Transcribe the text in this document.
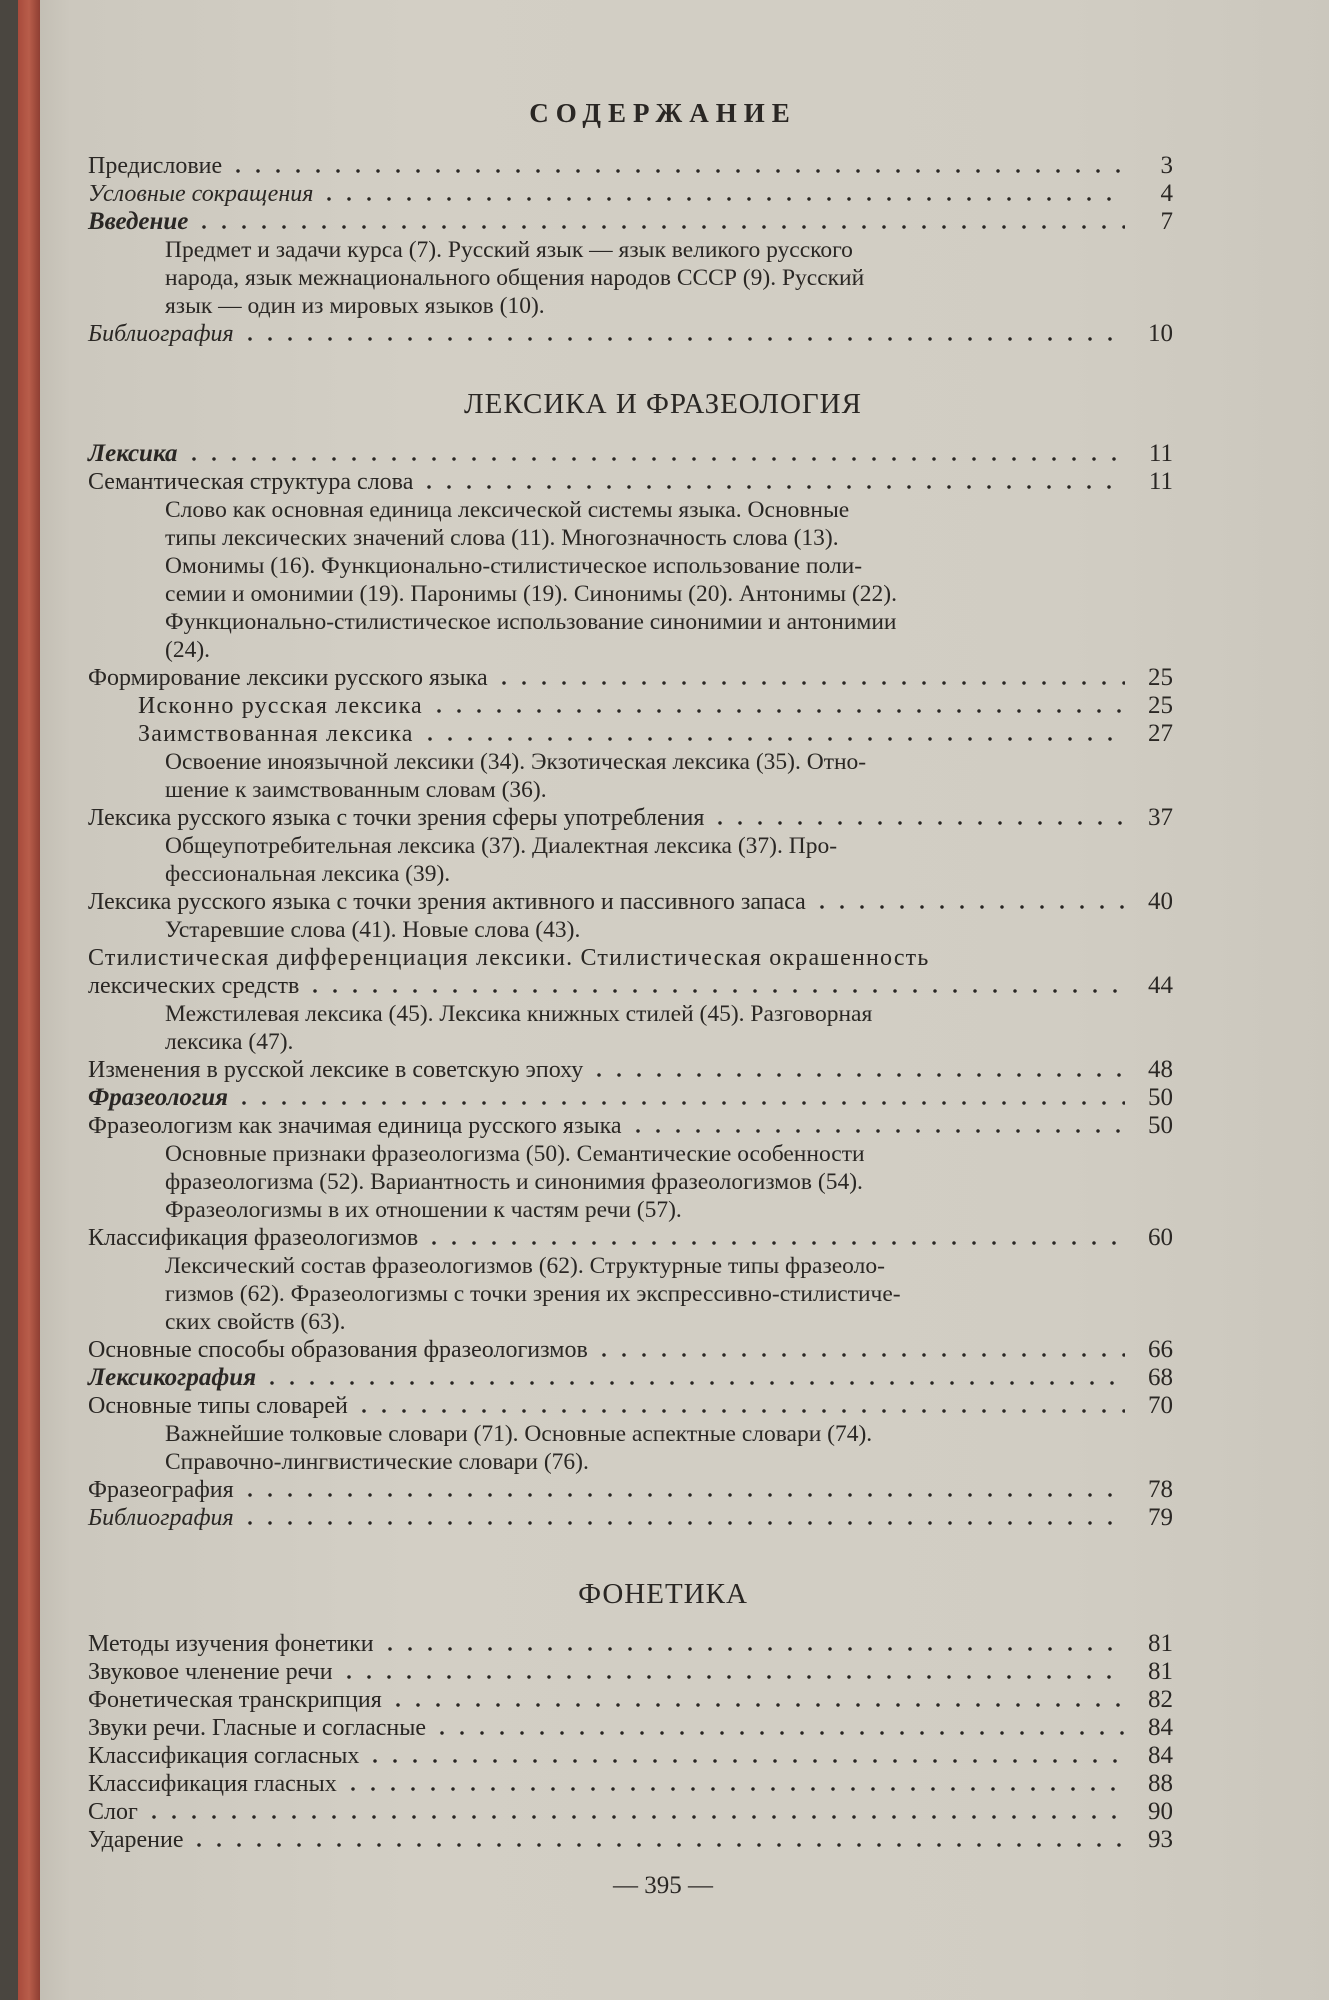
СОДЕРЖАНИЕ
Предисловие	3
Условные сокращения	4
Введение	7
Предмет и задачи курса (7). Русский язык — язык великого русского
народа, язык межнационального общения народов СССР (9). Русский
язык — один из мировых языков (10).
Библиография	10
ЛЕКСИКА И ФРАЗЕОЛОГИЯ
Лексика	11
Семантическая структура слова	11
Слово как основная единица лексической системы языка. Основные
типы лексических значений слова (11). Многозначность слова (13).
Омонимы (16). Функционально-стилистическое использование поли-
семии и омонимии (19). Паронимы (19). Синонимы (20). Антонимы (22).
Функционально-стилистическое использование синонимии и антонимии
(24).
Формирование лексики русского языка	25
Исконно русская лексика	25
Заимствованная лексика	27
Освоение иноязычной лексики (34). Экзотическая лексика (35). Отно-
шение к заимствованным словам (36).
Лексика русского языка с точки зрения сферы употребления	37
Общеупотребительная лексика (37). Диалектная лексика (37). Про-
фессиональная лексика (39).
Лексика русского языка с точки зрения активного и пассивного запаса	40
Устаревшие слова (41). Новые слова (43).
Стилистическая дифференциация лексики. Стилистическая окрашенность
лексических средств	44
Межстилевая лексика (45). Лексика книжных стилей (45). Разговорная
лексика (47).
Изменения в русской лексике в советскую эпоху	48
Фразеология	50
Фразеологизм как значимая единица русского языка	50
Основные признаки фразеологизма (50). Семантические особенности
фразеологизма (52). Вариантность и синонимия фразеологизмов (54).
Фразеологизмы в их отношении к частям речи (57).
Классификация фразеологизмов	60
Лексический состав фразеологизмов (62). Структурные типы фразеоло-
гизмов (62). Фразеологизмы с точки зрения их экспрессивно-стилистиче-
ских свойств (63).
Основные способы образования фразеологизмов	66
Лексикография	68
Основные типы словарей	70
Важнейшие толковые словари (71). Основные аспектные словари (74).
Справочно-лингвистические словари (76).
Фразеография	78
Библиография	79
ФОНЕТИКА
Методы изучения фонетики	81
Звуковое членение речи	81
Фонетическая транскрипция	82
Звуки речи. Гласные и согласные	84
Классификация согласных	84
Классификация гласных	88
Слог	90
Ударение	93
— 395 —
